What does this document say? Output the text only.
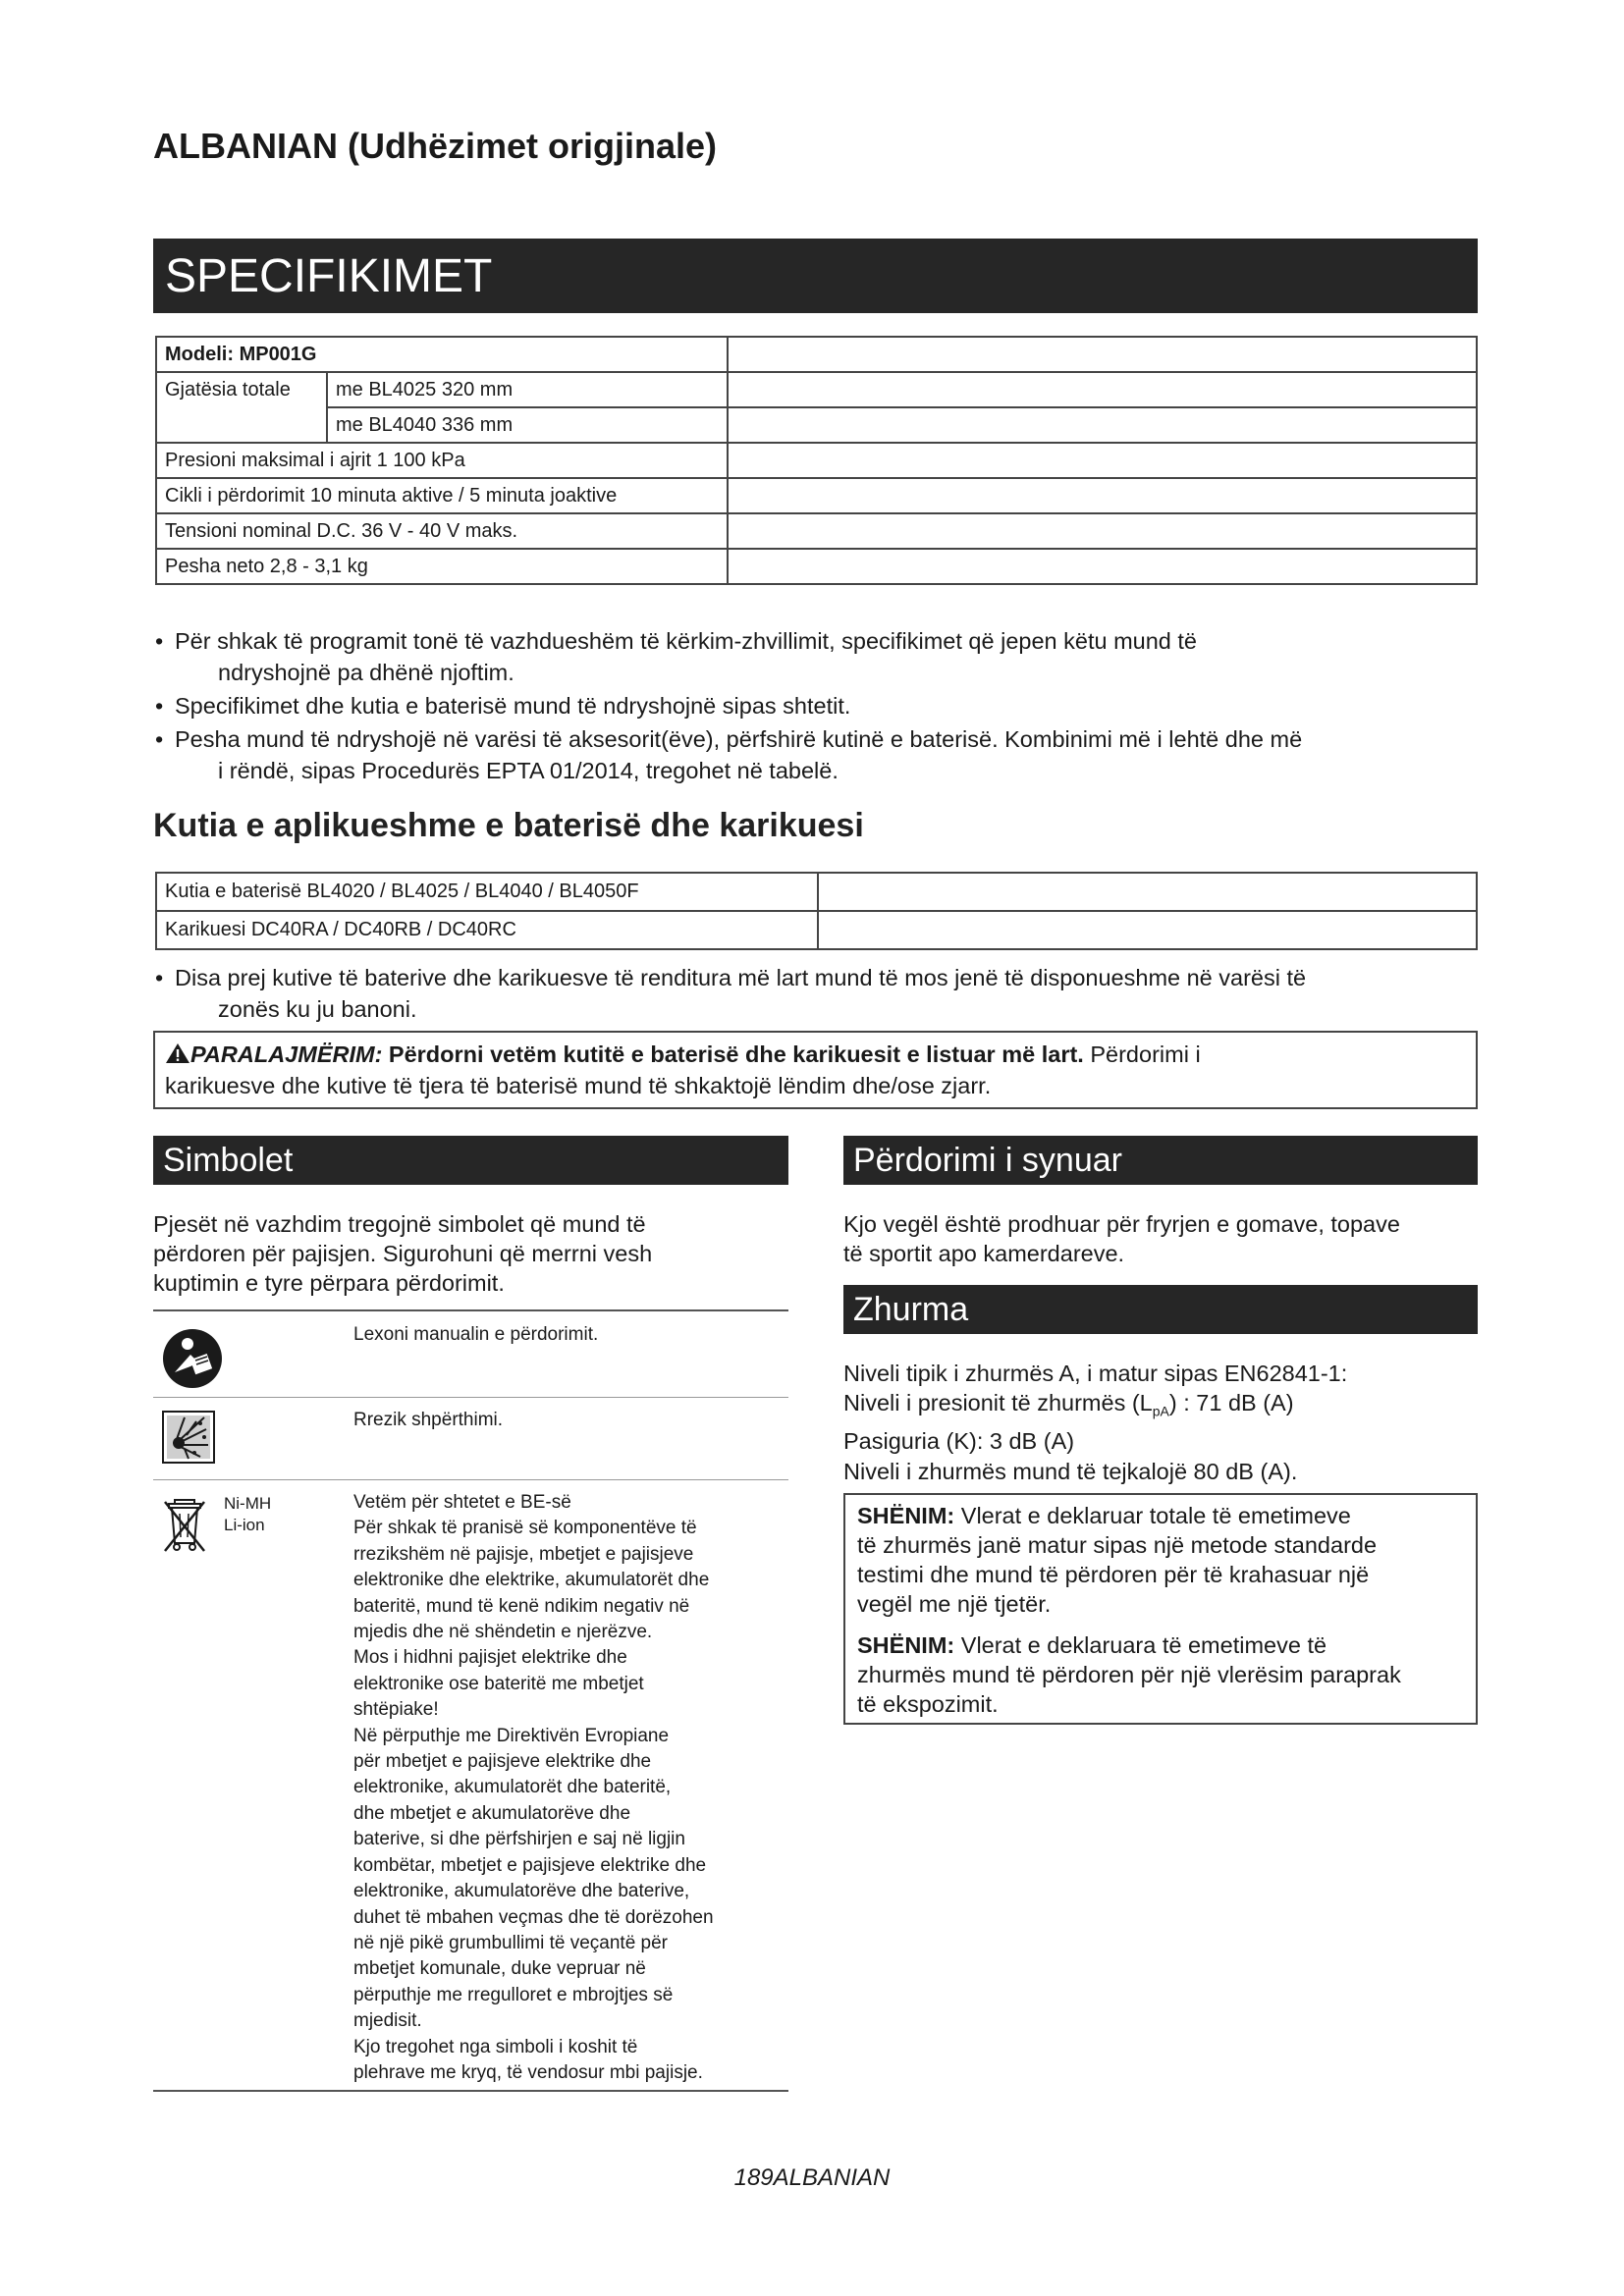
ALBANIAN (Udhëzimet origjinale)
SPECIFIKIMET
Modeli: MP001G		
Gjatësia totale	me BL4025 320 mm	
	me BL4040 336 mm	
Presioni maksimal i ajrit 1 100 kPa		
Cikli i përdorimit 10 minuta aktive / 5 minuta joaktive		
Tensioni nominal D.C. 36 V - 40 V maks.		
Pesha neto 2,8 - 3,1 kg		
• Për shkak të programit tonë të vazhdueshëm të kërkim-zhvillimit, specifikimet që jepen këtu mund të
ndryshojnë pa dhënë njoftim.
• Specifikimet dhe kutia e baterisë mund të ndryshojnë sipas shtetit.
• Pesha mund të ndryshojë në varësi të aksesorit(ëve), përfshirë kutinë e baterisë. Kombinimi më i lehtë dhe më
i rëndë, sipas Procedurës EPTA 01/2014, tregohet në tabelë.
Kutia e aplikueshme e baterisë dhe karikuesi
Kutia e baterisë BL4020 / BL4025 / BL4040 / BL4050F	
Karikuesi DC40RA / DC40RB / DC40RC	
• Disa prej kutive të baterive dhe karikuesve të renditura më lart mund të mos jenë të disponueshme në varësi të
zonës ku ju banoni.
PARALAJMËRIM: Përdorni vetëm kutitë e baterisë dhe karikuesit e listuar më lart. Përdorimi i
karikuesve dhe kutive të tjera të baterisë mund të shkaktojë lëndim dhe/ose zjarr.
Simbolet
Pjesët në vazhdim tregojnë simbolet që mund të
përdoren për pajisjen. Sigurohuni që merrni vesh
kuptimin e tyre përpara përdorimit.
Lexoni manualin e përdorimit.
Rrezik shpërthimi.
Ni-MH
Li-ion
Vetëm për shtetet e BE-së
Për shkak të pranisë së komponentëve të
rrezikshëm në pajisje, mbetjet e pajisjeve
elektronike dhe elektrike, akumulatorët dhe
bateritë, mund të kenë ndikim negativ në
mjedis dhe në shëndetin e njerëzve.
Mos i hidhni pajisjet elektrike dhe
elektronike ose bateritë me mbetjet
shtëpiake!
Në përputhje me Direktivën Evropiane
për mbetjet e pajisjeve elektrike dhe
elektronike, akumulatorët dhe bateritë,
dhe mbetjet e akumulatorëve dhe
baterive, si dhe përfshirjen e saj në ligjin
kombëtar, mbetjet e pajisjeve elektrike dhe
elektronike, akumulatorëve dhe baterive,
duhet të mbahen veçmas dhe të dorëzohen
në një pikë grumbullimi të veçantë për
mbetjet komunale, duke vepruar në
përputhje me rregulloret e mbrojtjes së
mjedisit.
Kjo tregohet nga simboli i koshit të
plehrave me kryq, të vendosur mbi pajisje.
Përdorimi i synuar
Kjo vegël është prodhuar për fryrjen e gomave, topave
të sportit apo kamerdareve.
Zhurma
Niveli tipik i zhurmës A, i matur sipas EN62841-1:
Niveli i presionit të zhurmës $(L_{pA})$ : 71 dB (A)
Pasiguria (K): 3 dB (A)
Niveli i zhurmës mund të tejkalojë 80 dB (A).
SHËNIM: Vlerat e deklaruar totale të emetimeve
të zhurmës janë matur sipas një metode standarde
testimi dhe mund të përdoren për të krahasuar një
vegël me një tjetër.
SHËNIM: Vlerat e deklaruara të emetimeve të
zhurmës mund të përdoren për një vlerësim paraprak
të ekspozimit.
189ALBANIAN
